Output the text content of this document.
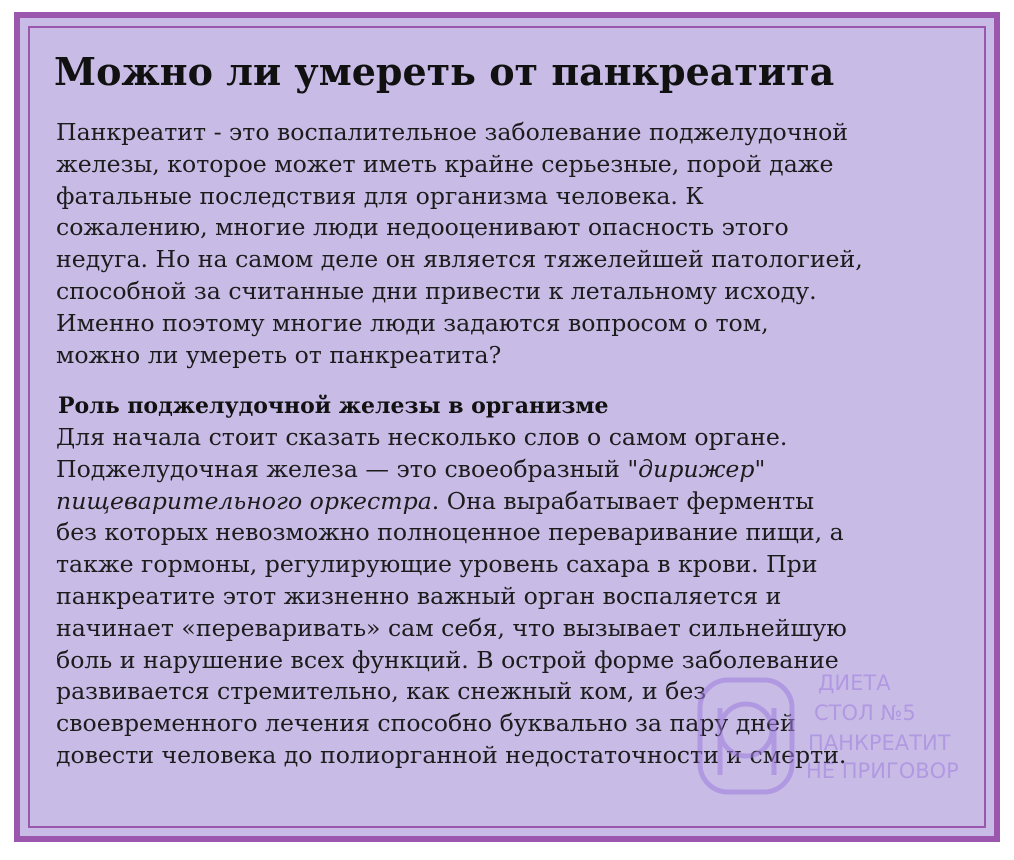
Можно ли умереть от панкреатита

Панкреатит - это воспалительное заболевание поджелудочной
железы, которое может иметь крайне серьезные, порой даже
фатальные последствия для организма человека. К
сожалению, многие люди недооценивают опасность этого
недуга. Но на самом деле он является тяжелейшей патологией,
способной за считанные дни привести к летальному исходу.
Именно поэтому многие люди задаются вопросом о том,
можно ли умереть от панкреатита?

Роль поджелудочной железы в организме

Для начала стоит сказать несколько слов о самом органе.
Поджелудочная железа — это своеобразный "дирижер"
пищеварительного оркестра. Она вырабатывает ферменты
без которых невозможно полноценное переваривание пищи, а
также гормоны, регулирующие уровень сахара в крови. При
панкреатите этот жизненно важный орган воспаляется и
начинает «переваривать» сам себя, что вызывает сильнейшую
боль и нарушение всех функций. В острой форме заболевание
развивается стремительно, как снежный ком, и без
своевременного лечения способно буквально за пару дней
довести человека до полиорганной недостаточности и смерти.

ДИЕТА
СТОЛ №5
ПАНКРЕАТИТ
НЕ ПРИГОВОР
